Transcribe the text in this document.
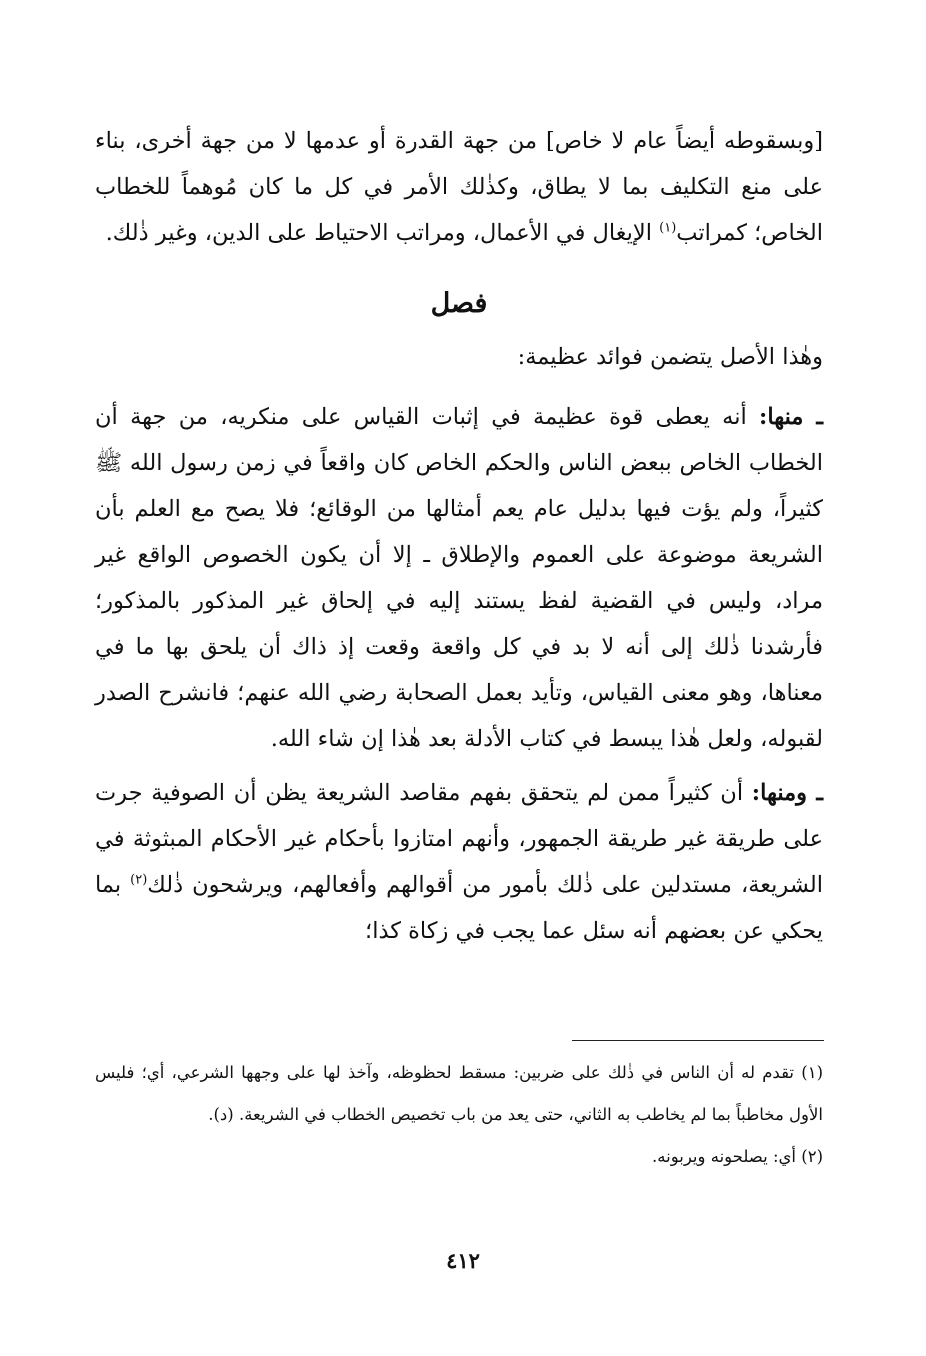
[وبسقوطه أيضاً عام لا خاص] من جهة القدرة أو عدمها لا من جهة أخرى، بناء على منع التكليف بما لا يطاق، وكذٰلك الأمر في كل ما كان مُوهماً للخطاب الخاص؛ كمراتب$^{(١)}$ الإيغال في الأعمال، ومراتب الاحتياط على الدين، وغير ذٰلك.

فصل

وهٰذا الأصل يتضمن فوائد عظيمة:

ـ منها: أنه يعطى قوة عظيمة في إثبات القياس على منكريه، من جهة أن الخطاب الخاص ببعض الناس والحكم الخاص كان واقعاً في زمن رسول الله ﷺ كثيراً، ولم يؤت فيها بدليل عام يعم أمثالها من الوقائع؛ فلا يصح مع العلم بأن الشريعة موضوعة على العموم والإطلاق ـ إلا أن يكون الخصوص الواقع غير مراد، وليس في القضية لفظ يستند إليه في إلحاق غير المذكور بالمذكور؛ فأرشدنا ذٰلك إلى أنه لا بد في كل واقعة وقعت إذ ذاك أن يلحق بها ما في معناها، وهو معنى القياس، وتأيد بعمل الصحابة رضي الله عنهم؛ فانشرح الصدر لقبوله، ولعل هٰذا يبسط في كتاب الأدلة بعد هٰذا إن شاء الله.

ـ ومنها: أن كثيراً ممن لم يتحقق بفهم مقاصد الشريعة يظن أن الصوفية جرت على طريقة غير طريقة الجمهور، وأنهم امتازوا بأحكام غير الأحكام المبثوثة في الشريعة، مستدلين على ذٰلك بأمور من أقوالهم وأفعالهم، ويرشحون ذٰلك$^{(٢)}$ بما يحكي عن بعضهم أنه سئل عما يجب في زكاة كذا؛

(١) تقدم له أن الناس في ذٰلك على ضربين: مسقط لحظوظه، وآخذ لها على وجهها الشرعي، أي؛ فليس الأول مخاطباً بما لم يخاطب به الثاني، حتى يعد من باب تخصيص الخطاب في الشريعة. (د).

(٢) أي: يصلحونه ويربونه.

٤١٢
